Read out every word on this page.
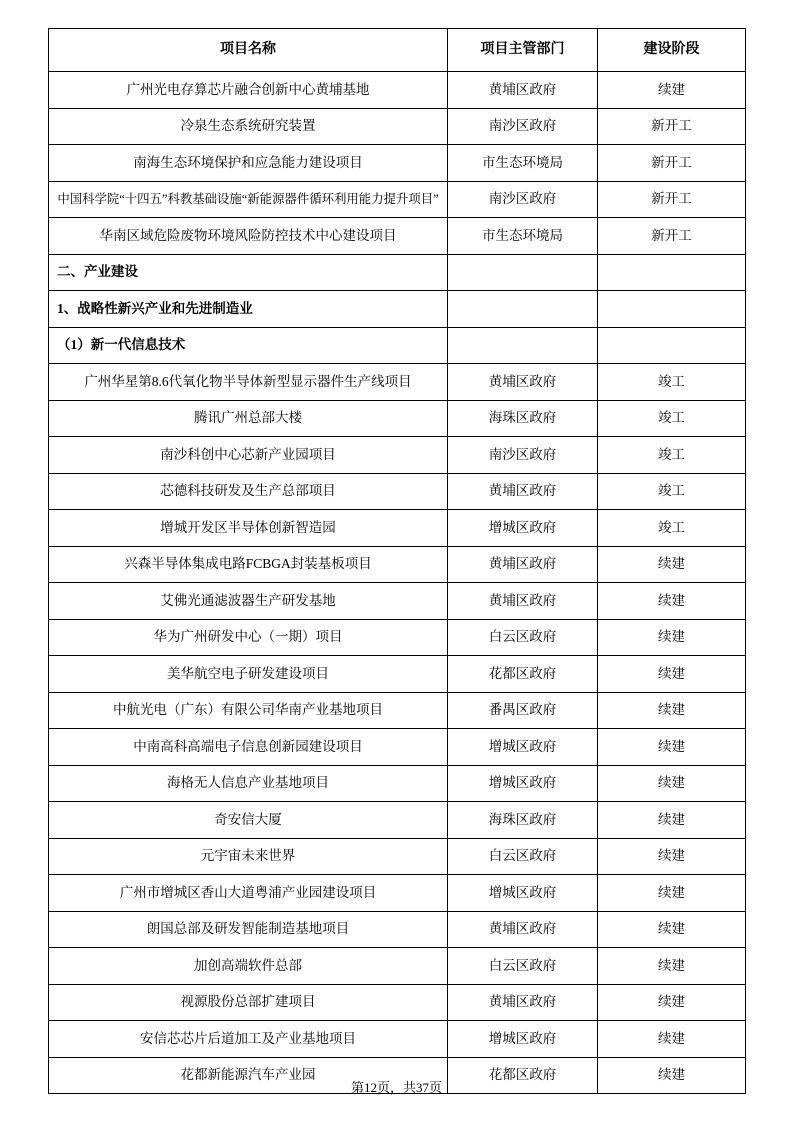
项目名称	项目主管部门	建设阶段

广州光电存算芯片融合创新中心黄埔基地	黄埔区政府	续建

冷泉生态系统研究装置	南沙区政府	新开工

南海生态环境保护和应急能力建设项目	市生态环境局	新开工

中国科学院“十四五”科教基础设施“新能源器件循环利用能力提升项目”	南沙区政府	新开工

华南区域危险废物环境风险防控技术中心建设项目	市生态环境局	新开工

二、产业建设		

1、战略性新兴产业和先进制造业		

（1）新一代信息技术		

广州华星第8.6代氧化物半导体新型显示器件生产线项目	黄埔区政府	竣工

腾讯广州总部大楼	海珠区政府	竣工

南沙科创中心芯新产业园项目	南沙区政府	竣工

芯德科技研发及生产总部项目	黄埔区政府	竣工

增城开发区半导体创新智造园	增城区政府	竣工

兴森半导体集成电路FCBGA封装基板项目	黄埔区政府	续建

艾佛光通滤波器生产研发基地	黄埔区政府	续建

华为广州研发中心（一期）项目	白云区政府	续建

美华航空电子研发建设项目	花都区政府	续建

中航光电（广东）有限公司华南产业基地项目	番禺区政府	续建

中南高科高端电子信息创新园建设项目	增城区政府	续建

海格无人信息产业基地项目	增城区政府	续建

奇安信大厦	海珠区政府	续建

元宇宙未来世界	白云区政府	续建

广州市增城区香山大道粤浦产业园建设项目	增城区政府	续建

朗国总部及研发智能制造基地项目	黄埔区政府	续建

加创高端软件总部	白云区政府	续建

视源股份总部扩建项目	黄埔区政府	续建

安信芯芯片后道加工及产业基地项目	增城区政府	续建

花都新能源汽车产业园	花都区政府	续建
第12页，共37页
